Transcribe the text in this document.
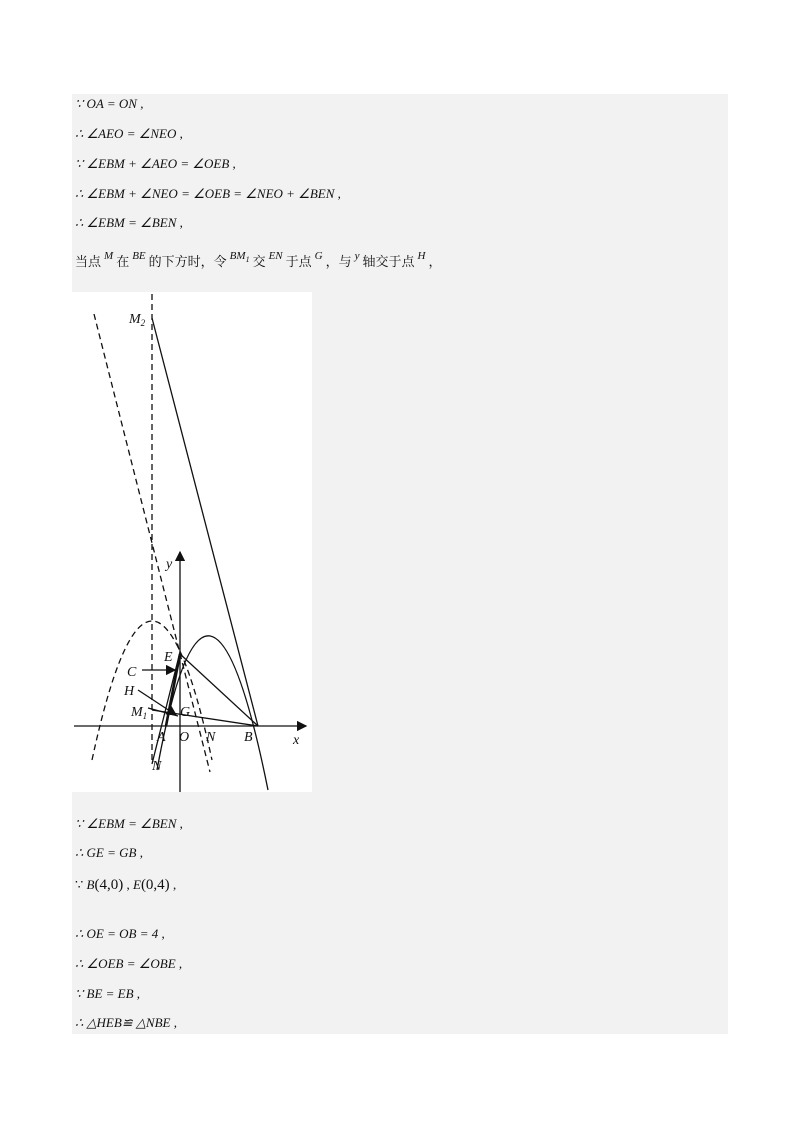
∵ OA = ON ,
∴ ∠AEO = ∠NEO ,
∵ ∠EBM + ∠AEO = ∠OEB ,
∴ ∠EBM + ∠NEO = ∠OEB = ∠NEO + ∠BEN ,
∴ ∠EBM = ∠BEN ,
当点 $^M$ 在 $^{BE}$ 的下方时，令 $^{BM_1}$ 交 $^{EN}$ 于点 $^G$ ，与 $^y$ 轴交于点 $^H$ ，
∵ ∠EBM = ∠BEN ,
∴ GE = GB ,
∵ B(4,0) , E(0,4) ,
∴ OE = OB = 4 ,
∴ ∠OEB = ∠OBE ,
∵ BE = EB ,
∴ △HEB≌ △NBE ,
$M_2$
y
E
C
H
$M_1$ G
A O N B	x
N
